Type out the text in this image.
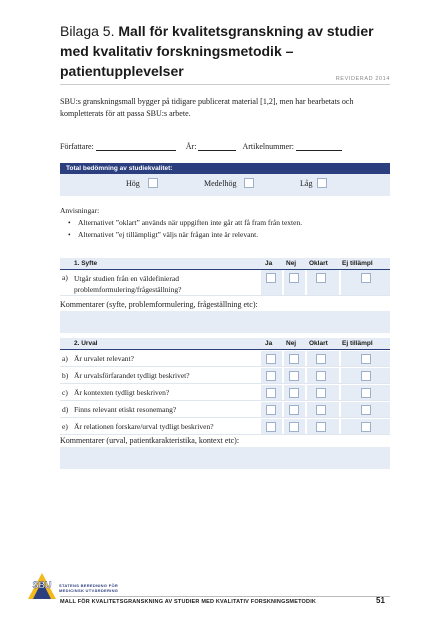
Bilaga 5. Mall för kvalitetsgranskning av studier med kvalitativ forskningsmetodik – patientupplevelser	REVIDERAD 2014
SBU:s granskningsmall bygger på tidigare publicerat material [1,2], men har bearbetats och kompletterats för att passa SBU:s arbete.
Författare:	År:	Artikelnummer:
Total bedömning av studiekvalitet:
Hög	Medelhög	Låg
Anvisningar:
• Alternativet ”oklart” används när uppgiften inte går att få fram från texten.
• Alternativet ”ej tillämpligt” väljs när frågan inte är relevant.
1. Syfte	Ja Nej Oklart Ej tillämpl
a) Utgår studien från en väldefinierad
problemformulering/frågeställning?
Kommentarer (syfte, problemformulering, frågeställning etc):
2. Urval	Ja Nej Oklart Ej tillämpl
a) Är urvalet relevant?
b) Är urvalsförfarandet tydligt beskrivet?
c) Är kontexten tydligt beskriven?
d) Finns relevant etiskt resonemang?
e) Är relationen forskare/urval tydligt beskriven?
Kommentarer (urval, patientkarakteristika, kontext etc):
SBU STATENS BEREDNING FÖR
MEDICINSK UTVÄRDERING
MALL FÖR KVALITETSGRANSKNING AV STUDIER MED KVALITATIV FORSKNINGSMETODIK	51
